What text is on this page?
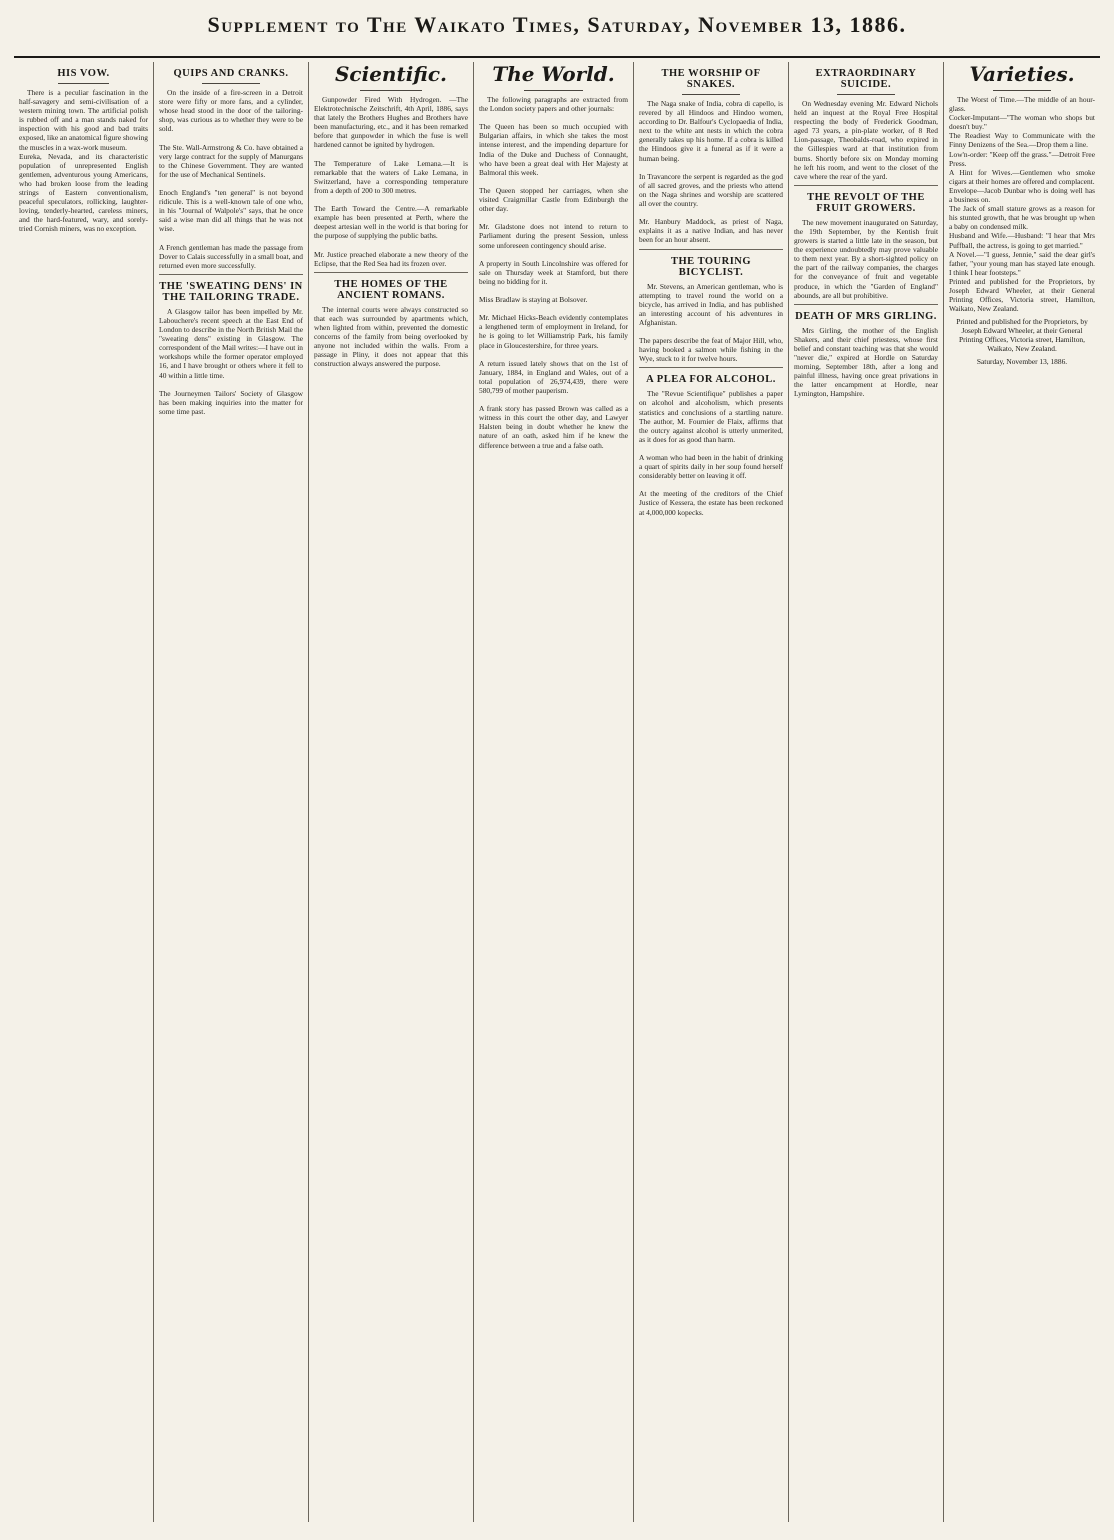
Supplement to The Waikato Times, Saturday, November 13, 1886.
HIS VOW.
There is a peculiar fascination in the half-savagery and semi-civilisation of a western mining town. The artificial polish is rubbed off and a man stands naked for inspection with his good and bad traits exposed, like an anatomical figure showing the muscles in a wax-work museum.
Eureka, Nevada, and its characteristic population of unrepresented English gentlemen, adventurous young Americans, who had broken loose from the leading strings of Eastern conventionalism, peaceful speculators, rollicking, laughter-loving, tenderly-hearted, careless miners, and the hard-featured, wary, and sorely-tried Cornish miners, was no exception.
QUIPS AND CRANKS.
On the inside of a fire-screen in a Detroit store were fifty or more fans, and a cylinder, whose head stood in the door of the tailoring-shop, was curious as to whether they were to be sold.

The Ste. Wall-Armstrong & Co. have obtained a very large contract for the supply of Manurgans to the Chinese Government. They are wanted for the use of Mechanical Sentinels.

Enoch England's "ten general" is not beyond ridicule. This is a well-known tale of one who, in his "Journal of Walpole's" says, that he once said a wise man did all things that he was not wise.

A French gentleman has made the passage from Dover to Calais successfully in a small boat, and returned even more successfully.
THE 'SWEATING DENS' IN THE TAILORING TRADE.
A Glasgow tailor has been impelled by Mr. Labouchere's recent speech at the East End of London to describe in the North British Mail the "sweating dens" existing in Glasgow. The correspondent of the Mail writes:—I have out in workshops while the former operator employed 16, and I have brought or others where it fell to 40 within a little time.

The Journeymen Tailors' Society of Glasgow has been making inquiries into the matter for some time past.
Scientific.
Gunpowder Fired With Hydrogen. —The Elektrotechnische Zeitschrift, 4th April, 1886, says that lately the Brothers Hughes and Brothers have been manufacturing, etc., and it has been remarked before that gunpowder in which the fuse is well hardened cannot be ignited by hydrogen.

The Temperature of Lake Lemana.—It is remarkable that the waters of Lake Lemana, in Switzerland, have a corresponding temperature from a depth of 200 to 300 metres.

The Earth Toward the Centre.—A remarkable example has been presented at Perth, where the deepest artesian well in the world is that boring for the purpose of supplying the public baths.

Mr. Justice preached elaborate a new theory of the Eclipse, that the Red Sea had its frozen over.
THE HOMES OF THE ANCIENT ROMANS.
The internal courts were always constructed so that each was surrounded by apartments which, when lighted from within, prevented the domestic concerns of the family from being overlooked by anyone not included within the walls. From a passage in Pliny, it does not appear that this construction always answered the purpose.
The World.
The following paragraphs are extracted from the London society papers and other journals:

The Queen has been so much occupied with Bulgarian affairs, in which she takes the most intense interest, and the impending departure for India of the Duke and Duchess of Connaught, who have been a great deal with Her Majesty at Balmoral this week.

The Queen stopped her carriages, when she visited Craigmillar Castle from Edinburgh the other day.

Mr. Gladstone does not intend to return to Parliament during the present Session, unless some unforeseen contingency should arise.

A property in South Lincolnshire was offered for sale on Thursday week at Stamford, but there being no bidding for it.

Miss Bradlaw is staying at Bolsover.

Mr. Michael Hicks-Beach evidently contemplates a lengthened term of employment in Ireland, for he is going to let Williamstrip Park, his family place in Gloucestershire, for three years.

A return issued lately shows that on the 1st of January, 1884, in England and Wales, out of a total population of 26,974,439, there were 580,799 of mother pauperism.

A frank story has passed Brown was called as a witness in this court the other day, and Lawyer Halsten being in doubt whether he knew the nature of an oath, asked him if he knew the difference between a true and a false oath.
THE WORSHIP OF SNAKES.
The Naga snake of India, cobra di capello, is revered by all Hindoos and Hindoo women, according to Dr. Balfour's Cyclopaedia of India, next to the white ant nests in which the cobra generally takes up his home. If a cobra is killed the Hindoos give it a funeral as if it were a human being.

In Travancore the serpent is regarded as the god of all sacred groves, and the priests who attend on the Naga shrines and worship are scattered all over the country.

Mr. Hanbury Maddock, as priest of Naga, explains it as a native Indian, and has never been for an hour absent.
THE TOURING BICYCLIST.
Mr. Stevens, an American gentleman, who is attempting to travel round the world on a bicycle, has arrived in India, and has published an interesting account of his adventures in Afghanistan.

The papers describe the feat of Major Hill, who, having booked a salmon while fishing in the Wye, stuck to it for twelve hours.
A PLEA FOR ALCOHOL.
The "Revue Scientifique" publishes a paper on alcohol and alcoholism, which presents statistics and conclusions of a startling nature. The author, M. Fournier de Flaix, affirms that the outcry against alcohol is utterly unmerited, as it does for as good than harm.

A woman who had been in the habit of drinking a quart of spirits daily in her soup found herself considerably better on leaving it off.

At the meeting of the creditors of the Chief Justice of Kessera, the estate has been reckoned at 4,000,000 kopecks.
EXTRAORDINARY SUICIDE.
On Wednesday evening Mr. Edward Nichols held an inquest at the Royal Free Hospital respecting the body of Frederick Goodman, aged 73 years, a pin-plate worker, of 8 Red Lion-passage, Theobalds-road, who expired in the Gillespies ward at that institution from burns. Shortly before six on Monday morning he left his room, and went to the closet of the cave where the rear of the yard.
THE REVOLT OF THE FRUIT GROWERS.
The new movement inaugurated on Saturday, the 19th September, by the Kentish fruit growers is started a little late in the season, but the experience undoubtedly may prove valuable to them next year. By a short-sighted policy on the part of the railway companies, the charges for the conveyance of fruit and vegetable produce, in which the "Garden of England" abounds, are all but prohibitive.
DEATH OF MRS GIRLING.
Mrs Girling, the mother of the English Shakers, and their chief priestess, whose first belief and constant teaching was that she would "never die," expired at Hordle on Saturday morning, September 18th, after a long and painful illness, having once great privations in the latter encampment at Hordle, near Lymington, Hampshire.
Varieties.
The Worst of Time.—The middle of an hour-glass.
Cocker-Imputant—"The woman who shops but doesn't buy."
The Readiest Way to Communicate with the Finny Denizens of the Sea.—Drop them a line.
Low'n-order: "Keep off the grass."—Detroit Free Press.
A Hint for Wives.—Gentlemen who smoke cigars at their homes are offered and complacent.
Envelope—Jacob Dunbar who is doing well has a business on.
The Jack of small stature grows as a reason for his stunted growth, that he was brought up when a baby on condensed milk.
Husband and Wife.—Husband: "I hear that Mrs Puffball, the actress, is going to get married."
A Novel.—"I guess, Jennie," said the dear girl's father, "your young man has stayed late enough. I think I hear footsteps."
Printed and published for the Proprietors, by Joseph Edward Wheeler, at their General Printing Offices, Victoria street, Hamilton, Waikato, New Zealand.
Printed and published for the Proprietors, by Joseph Edward Wheeler, at their General Printing Offices, Victoria street, Hamilton, Waikato, New Zealand.
Saturday, November 13, 1886.
